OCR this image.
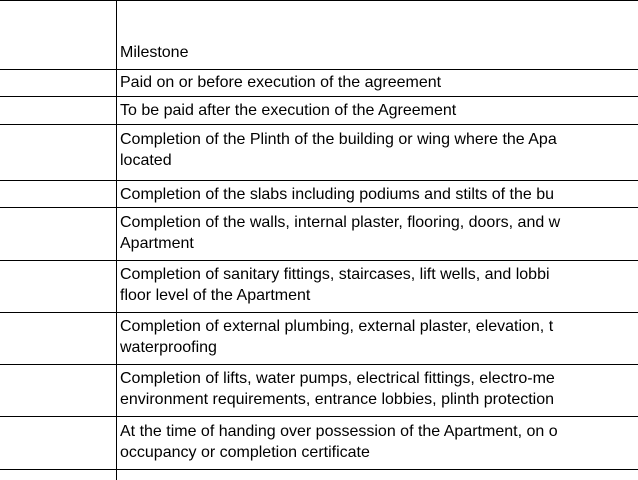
Milestone
Paid on or before execution of the agreement
To be paid after the execution of the Agreement
Completion of the Plinth of the building or wing where the Apa
located
Completion of the slabs including podiums and stilts of the bu
Completion of the walls, internal plaster, flooring, doors, and w
Apartment
Completion of sanitary fittings, staircases, lift wells, and lobbi
floor level of the Apartment
Completion of external plumbing, external plaster, elevation, t
waterproofing
Completion of lifts, water pumps, electrical fittings, electro-me
environment requirements, entrance lobbies, plinth protection
At the time of handing over possession of the Apartment, on o
occupancy or completion certificate
